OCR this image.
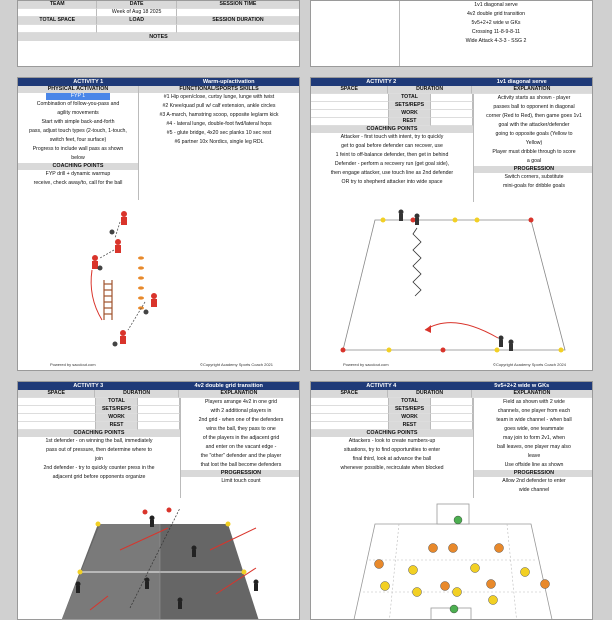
TEAM	DATE	SESSION TIME
Week of Aug 18 2025
TOTAL SPACE	LOAD	SESSION DURATION
NOTES
1v1 diagonal serve
4v2 double grid transition
5v5+2+2 wide w GKs
Crossing 11-8-9-8-11
Wide Attack 4-3-3 - SSG 2
ACTIVITY 1	Warm-up/activation
PHYSICAL ACTIVATION
FYP 1
Combination of follow-you-pass and
agility movements
Start with simple back-and-forth
pass, adjust touch types (2-touch, 1-touch,
switch feet, four surface)
Progress to include wall pass as shown
below
COACHING POINTS
FYP drill + dynamic warmup
receive, check away/to, call for the ball
FUNCTIONAL/SPORTS SKILLS
#1 Hip open/close, curtsy lunge, lunge with twist
#2 Knee/quad pull w/ calf extension, ankle circles
#3 A-march, hamstring scoop, opposite leg/arm kick
#4 - lateral lunge, double-foot fwd/lateral hops
#5 - glute bridge, 4x20 sec planks 10 sec rest
#6 partner 10x Nordics, single leg RDL
Powered by sacclout.com	©Copyright Academy Sports Coach 2021
ACTIVITY 2	1v1 diagonal serve
SPACE	DURATION	EXPLANATION
TOTAL
SETS/REPS
WORK
REST
COACHING POINTS
Attacker - first touch with intent, try to quickly
get to goal before defender can recover, use
1 feint to off-balance defender, then get in behind
Defender - perform a recovery run (get goal side),
then engage attacker, use touch line as 2nd defender
OR try to shepherd attacker into wide space
Activity starts as shown - player
passes ball to opponent in diagonal
corner (Red to Red), then game goes 1v1
goal with the attacker/defender
going to opposite goals (Yellow to
Yellow)
Player must dribble through to score
a goal
PROGRESSION
Switch corners, substitute
mini-goals for dribble goals
Powered by sacclout.com	©Copyright Academy Sports Coach 2024
ACTIVITY 3	4v2 double grid transition
SPACE	DURATION	EXPLANATION
TOTAL
SETS/REPS
WORK
REST
COACHING POINTS
1st defender - on winning the ball, immediately
pass out of pressure, then determine where to
join
2nd defender - try to quickly counter press in the
adjacent grid before opponents organize
Players arrange 4v2 in one grid
with 2 additional players in
2nd grid - when one of the defenders
wins the ball, they pass to one
of the players in the adjacent grid
and enter on the vacant edge -
the "other" defender and the player
that lost the ball become defenders
PROGRESSION
Limit touch count
ACTIVITY 4	5v5+2+2 wide w GKs
SPACE	DURATION	EXPLANATION
TOTAL
SETS/REPS
WORK
REST
COACHING POINTS
Attackers - look to create numbers-up
situations, try to find opportunities to enter
final third, look at advance the ball
whenever possible, recirculate when blocked
Field as shown with 2 wide
channels, one player from each
team in wide channel - when ball
goes wide, one teammate
may join to form 2v1, when
ball leaves, one player may also
leave
Use offside line as shown
PROGRESSION
Allow 2nd defender to enter
wide channel
